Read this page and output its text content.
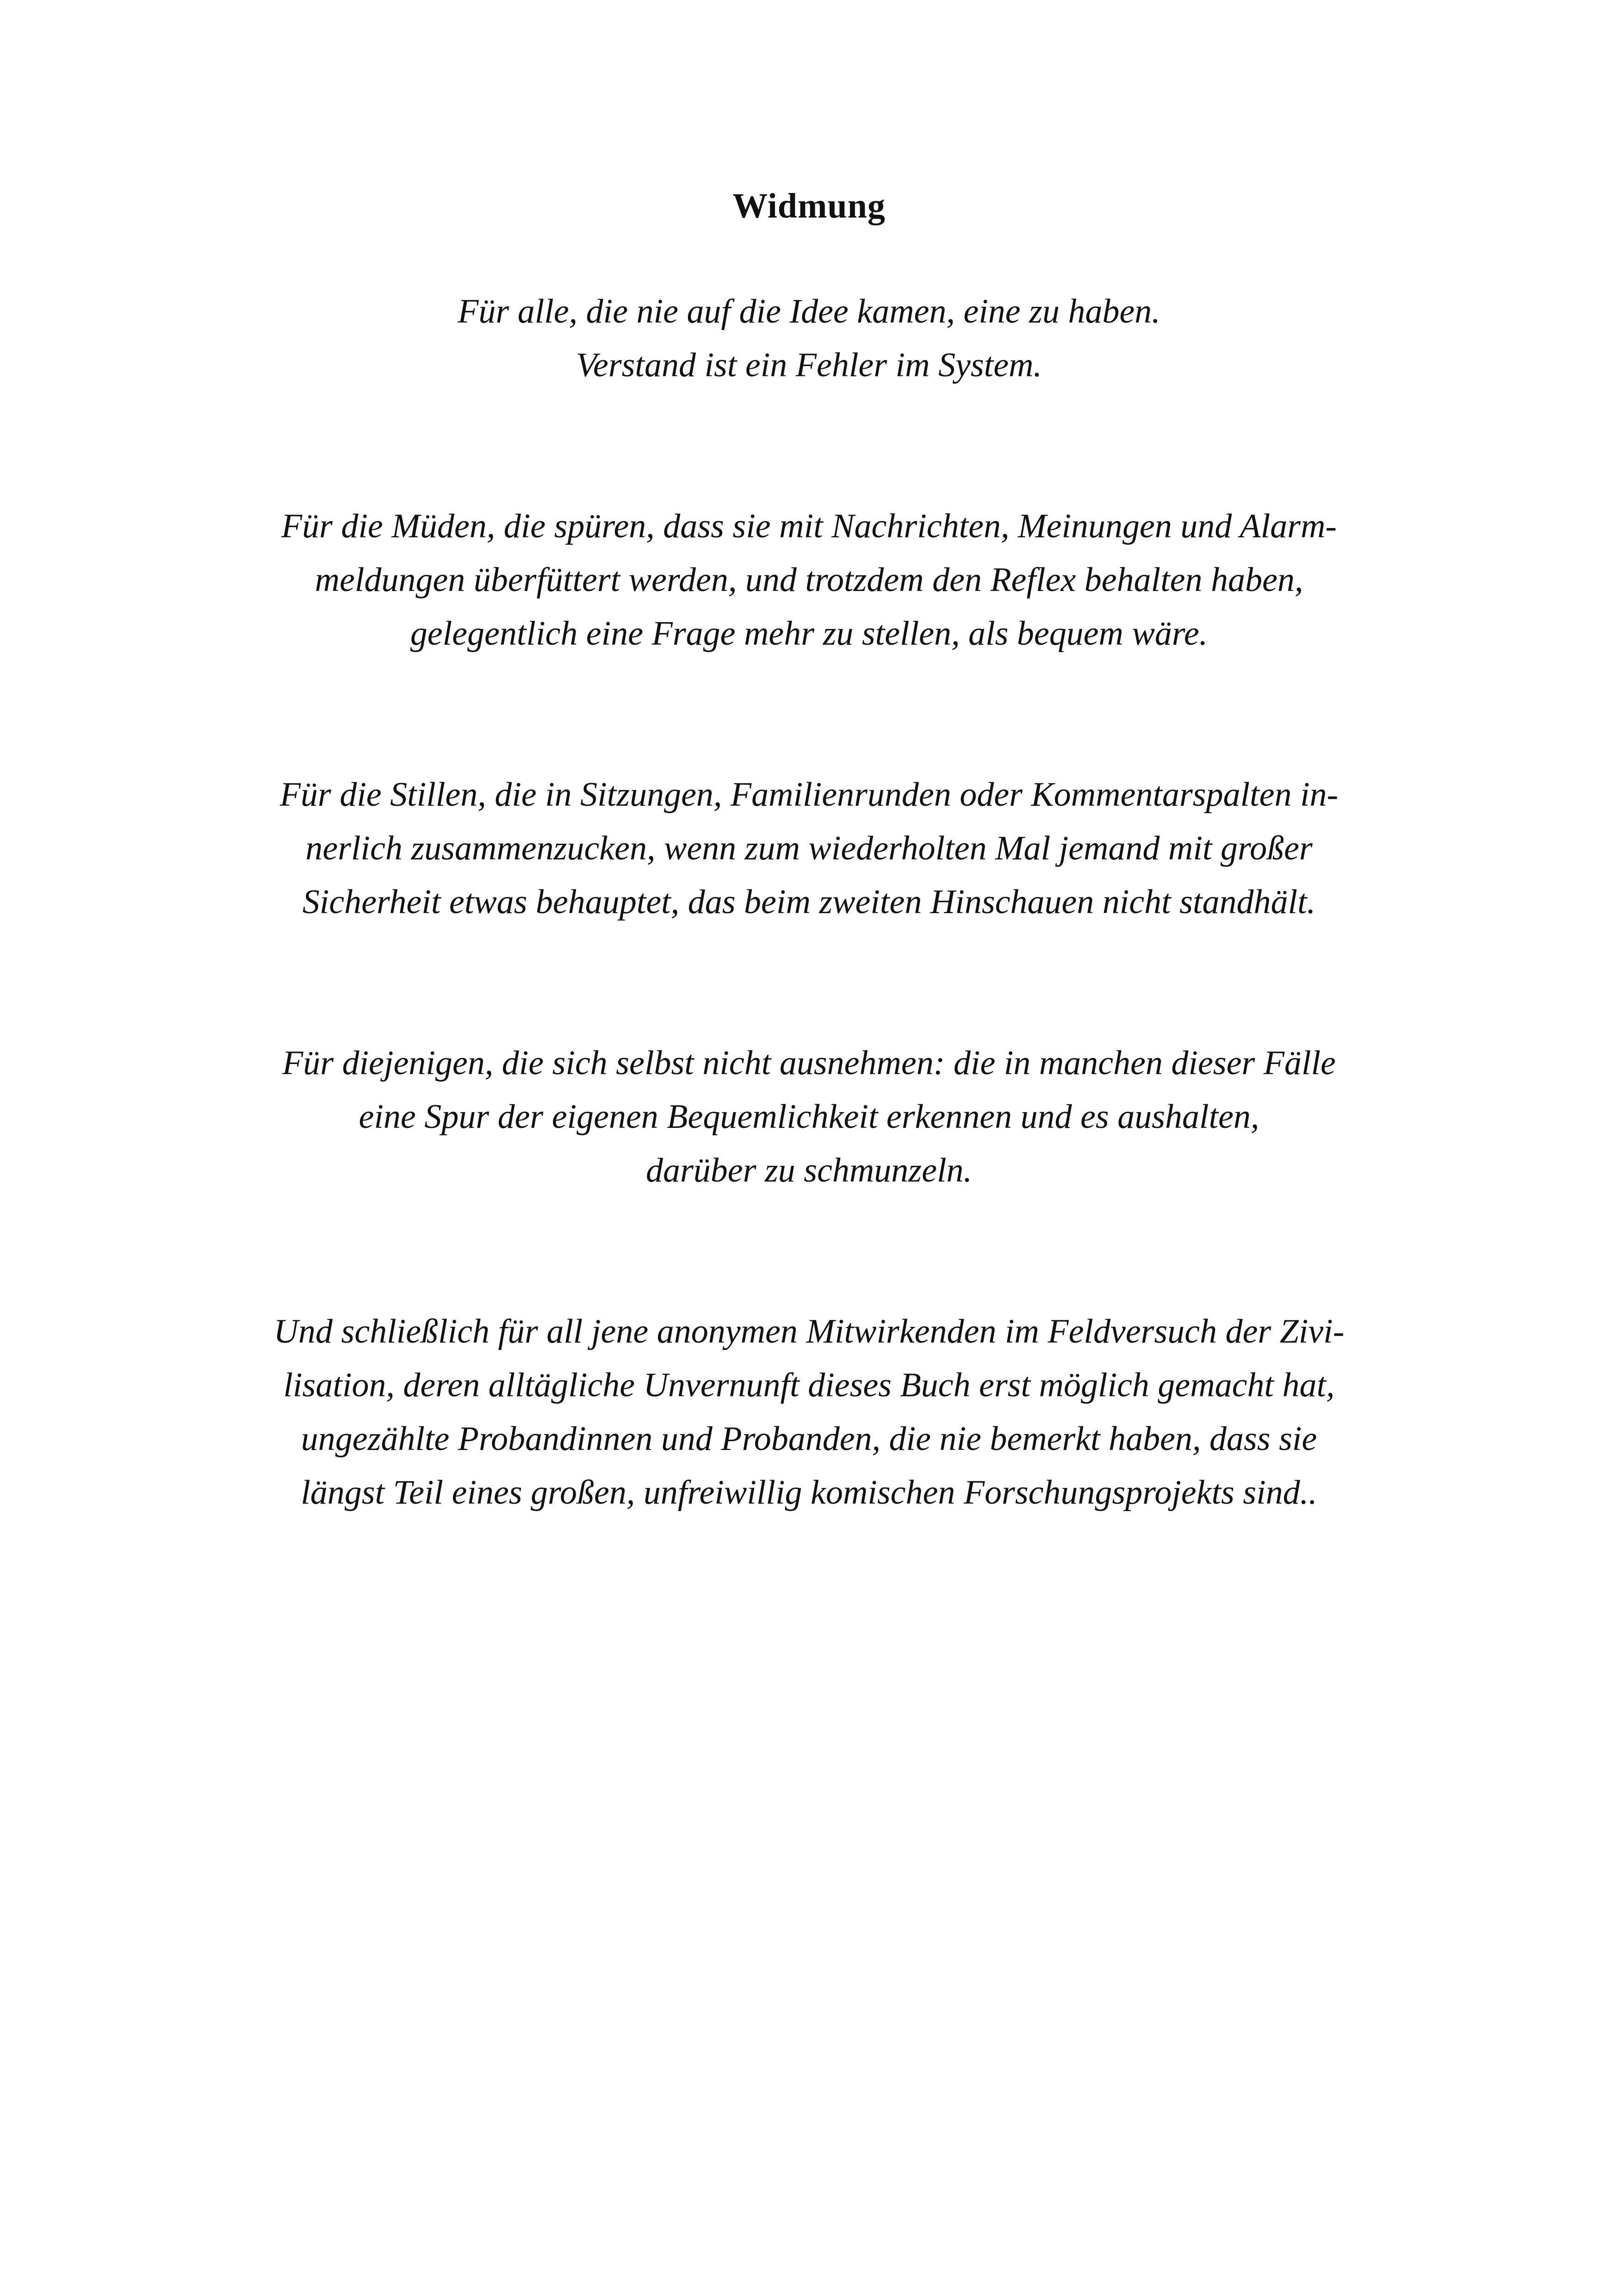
Widmung

Für alle, die nie auf die Idee kamen, eine zu haben.
Verstand ist ein Fehler im System.

Für die Müden, die spüren, dass sie mit Nachrichten, Meinungen und Alarm-
meldungen überfüttert werden, und trotzdem den Reflex behalten haben,
gelegentlich eine Frage mehr zu stellen, als bequem wäre.

Für die Stillen, die in Sitzungen, Familienrunden oder Kommentarspalten in-
nerlich zusammenzucken, wenn zum wiederholten Mal jemand mit großer
Sicherheit etwas behauptet, das beim zweiten Hinschauen nicht standhält.

Für diejenigen, die sich selbst nicht ausnehmen: die in manchen dieser Fälle
eine Spur der eigenen Bequemlichkeit erkennen und es aushalten,
darüber zu schmunzeln.

Und schließlich für all jene anonymen Mitwirkenden im Feldversuch der Zivi-
lisation, deren alltägliche Unvernunft dieses Buch erst möglich gemacht hat,
ungezählte Probandinnen und Probanden, die nie bemerkt haben, dass sie
längst Teil eines großen, unfreiwillig komischen Forschungsprojekts sind..
